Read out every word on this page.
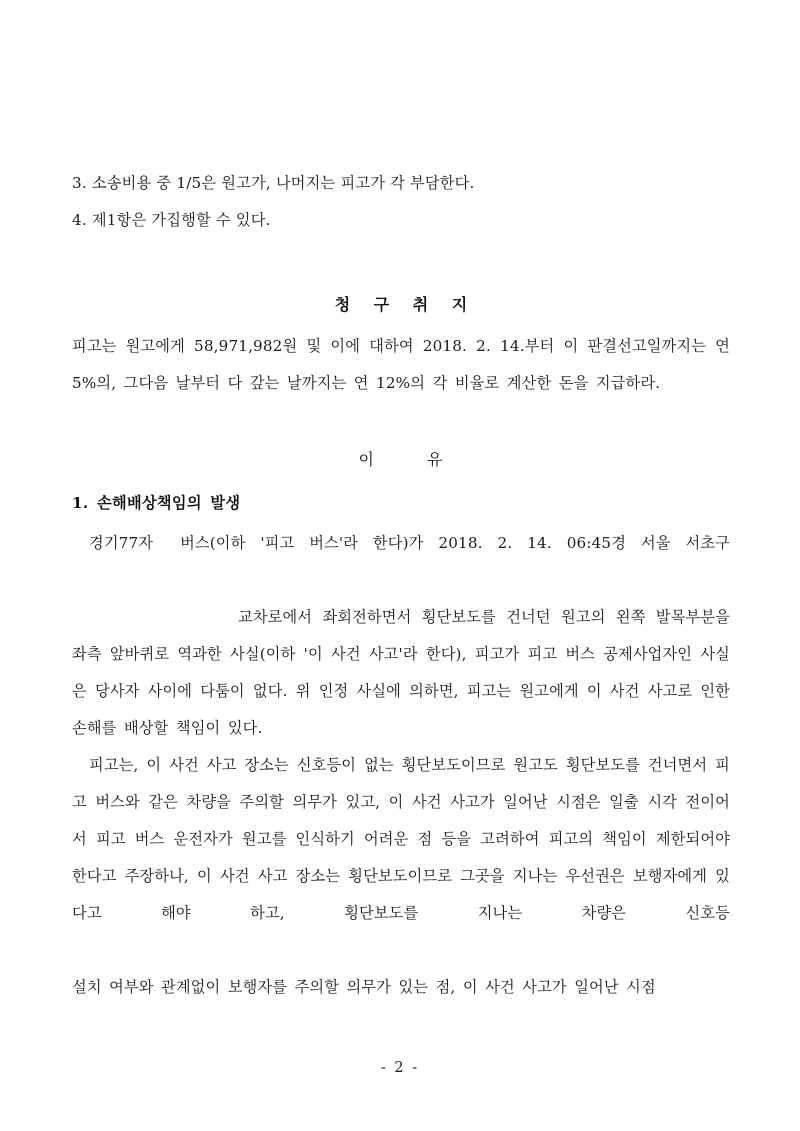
3. 소송비용 중 1/5은 원고가, 나머지는 피고가 각 부담한다.
4. 제1항은 가집행할 수 있다.
청 구 취 지

피고는 원고에게 58,971,982원 및 이에 대하여 2018. 2. 14.부터 이 판결선고일까지는 연 5%의, 그다음 날부터 다 갚는 날까지는 연 12%의 각 비율로 계산한 돈을 지급하라.

이	유
1. 손해배상책임의 발생

경기77자 버스(이하 '피고 버스'라 한다)가 2018. 2. 14. 06:45경 서울 서초구교차로에서 좌회전하면서 횡단보도를 건너던 원고의 왼쪽 발목부분을 좌측 앞바퀴로 역과한 사실(이하 '이 사건 사고'라 한다), 피고가 피고 버스 공제사업자인 사실은 당사자 사이에 다툼이 없다. 위 인정 사실에 의하면, 피고는 원고에게 이 사건 사고로 인한 손해를 배상할 책임이 있다.

피고는, 이 사건 사고 장소는 신호등이 없는 횡단보도이므로 원고도 횡단보도를 건너면서 피고 버스와 같은 차량을 주의할 의무가 있고, 이 사건 사고가 일어난 시점은 일출 시각 전이어서 피고 버스 운전자가 원고를 인식하기 어려운 점 등을 고려하여 피고의 책임이 제한되어야 한다고 주장하나, 이 사건 사고 장소는 횡단보도이므로 그곳을 지나는 우선권은 보행자에게 있다고 해야 하고, 횡단보도를 지나는 차량은 신호등설치 여부와 관계없이 보행자를 주의할 의무가 있는 점, 이 사건 사고가 일어난 시점

- 2 -
